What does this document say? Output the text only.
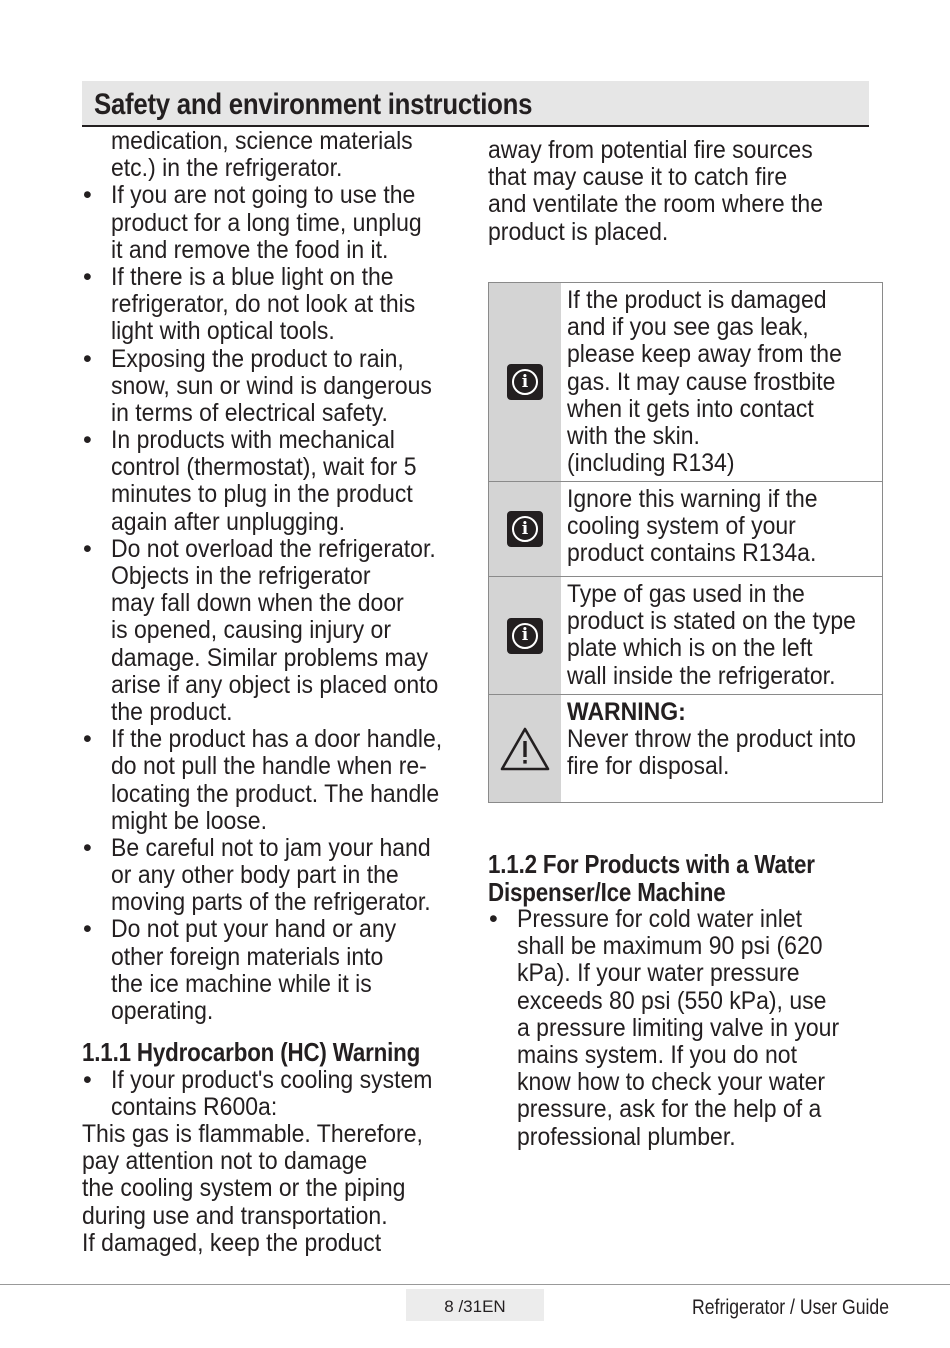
Safety and environment instructions
medication, science materials
etc.) in the refrigerator.
• If you are not going to use the
product for a long time, unplug
it and remove the food in it.
• If there is a blue light on the
refrigerator, do not look at this
light with optical tools.
• Exposing the product to rain,
snow, sun or wind is dangerous
in terms of electrical safety.
• In products with mechanical
control (thermostat), wait for 5
minutes to plug in the product
again after unplugging.
• Do not overload the refrigerator.
Objects in the refrigerator
may fall down when the door
is opened, causing injury or
damage. Similar problems may
arise if any object is placed onto
the product.
• If the product has a door handle,
do not pull the handle when re-
locating the product. The handle
might be loose.
• Be careful not to jam your hand
or any other body part in the
moving parts of the refrigerator.
• Do not put your hand or any
other foreign materials into
the ice machine while it is
operating.
1.1.1 Hydrocarbon (HC) Warning
• If your product's cooling system
contains R600a:
This gas is flammable. Therefore,
pay attention not to damage
the cooling system or the piping
during use and transportation.
If damaged, keep the product
away from potential fire sources
that may cause it to catch fire
and ventilate the room where the
product is placed.
i
If the product is damaged
and if you see gas leak,
please keep away from the
gas. It may cause frostbite
when it gets into contact
with the skin.
(including R134)
i
Ignore this warning if the
cooling system of your
product contains R134a.
i
Type of gas used in the
product is stated on the type
plate which is on the left
wall inside the refrigerator.
WARNING:
Never throw the product into
fire for disposal.
1.1.2 For Products with a Water
Dispenser/Ice Machine
• Pressure for cold water inlet
shall be maximum 90 psi (620
kPa). If your water pressure
exceeds 80 psi (550 kPa), use
a pressure limiting valve in your
mains system. If you do not
know how to check your water
pressure, ask for the help of a
professional plumber.
8 /31EN	Refrigerator / User Guide
